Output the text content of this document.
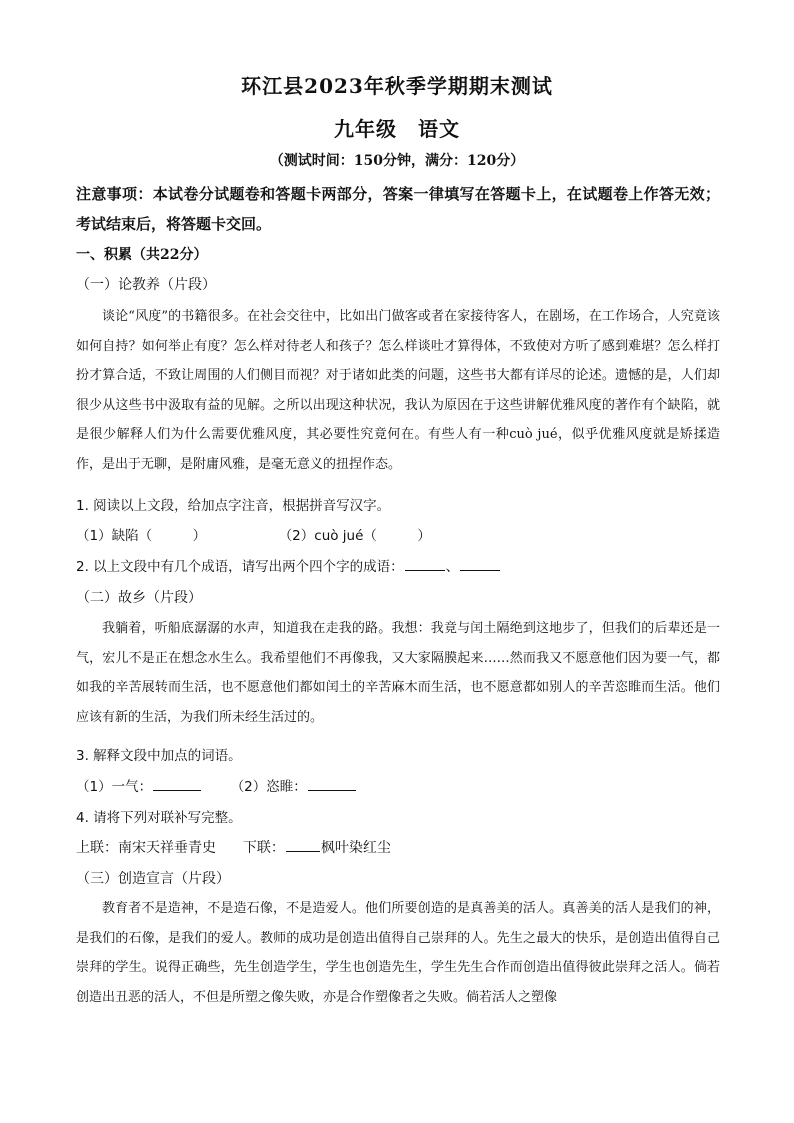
环江县2023年秋季学期期末测试
九年级　语文
（测试时间：150分钟，满分：120分）
注意事项：本试卷分试题卷和答题卡两部分，答案一律填写在答题卡上，在试题卷上作答无效；考试结束后，将答题卡交回。
一、积累（共22分）
（一）论教养（片段）
谈论“风度”的书籍很多。在社会交往中，比如出门做客或者在家接待客人，在剧场，在工作场合，人究竟该如何自持？如何举止有度？怎么样对待老人和孩子？怎么样谈吐才算得体，不致使对方听了感到难堪？怎么样打扮才算合适，不致让周围的人们侧目而视？对于诸如此类的问题，这些书大都有详尽的论述。遗憾的是，人们却很少从这些书中汲取有益的见解。之所以出现这种状况，我认为原因在于这些讲解优雅风度的著作有个缺陷，就是很少解释人们为什么需要优雅风度，其必要性究竟何在。有些人有一种cuò jué，似乎优雅风度就是矫揉造作，是出于无聊，是附庸风雅，是毫无意义的扭捏作态。
1. 阅读以上文段，给加点字注音，根据拼音写汉字。
（1）缺陷（　　　）	（2）cuò jué（　　　）
2. 以上文段中有几个成语，请写出两个四个字的成语：	、
（二）故乡（片段）
我躺着，听船底潺潺的水声，知道我在走我的路。我想：我竟与闰土隔绝到这地步了，但我们的后辈还是一气，宏儿不是正在想念水生么。我希望他们不再像我，又大家隔膜起来……然而我又不愿意他们因为要一气，都如我的辛苦展转而生活，也不愿意他们都如闰土的辛苦麻木而生活，也不愿意都如别人的辛苦恣睢而生活。他们应该有新的生活，为我们所未经生活过的。
3. 解释文段中加点的词语。
（1）一气：	（2）恣睢：
4. 请将下列对联补写完整。
上联：南宋天祥垂青史 下联：	枫叶染红尘
（三）创造宣言（片段）
教育者不是造神，不是造石像，不是造爱人。他们所要创造的是真善美的活人。真善美的活人是我们的神，是我们的石像，是我们的爱人。教师的成功是创造出值得自己崇拜的人。先生之最大的快乐，是创造出值得自己崇拜的学生。说得正确些，先生创造学生，学生也创造先生，学生先生合作而创造出值得彼此崇拜之活人。倘若创造出丑恶的活人，不但是所塑之像失败，亦是合作塑像者之失败。倘若活人之塑像
